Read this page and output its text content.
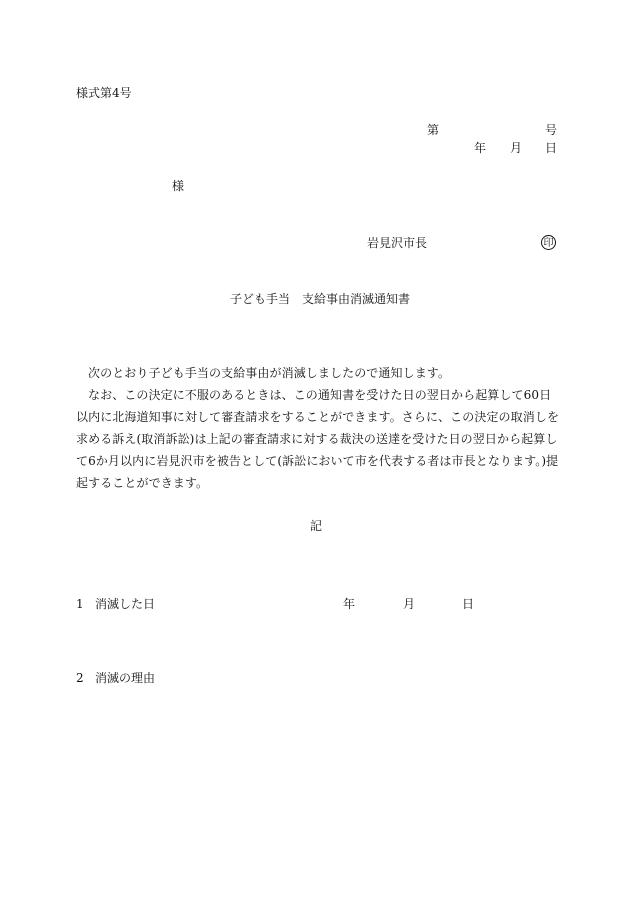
様式第4号
第	号
年 月 日
様
岩見沢市長	印
子ども手当　支給事由消滅通知書

次のとおり子ども手当の支給事由が消滅しましたので通知します。

なお、この決定に不服のあるときは、この通知書を受けた日の翌日から起算して60日以内に北海道知事に対して審査請求をすることができます。さらに、この決定の取消しを求める訴え(取消訴訟)は上記の審査請求に対する裁決の送達を受けた日の翌日から起算して6か月以内に岩見沢市を被告として(訴訟において市を代表する者は市長となります。)提起することができます。

記
1 消滅した日	年	月	日
2 消滅の理由
